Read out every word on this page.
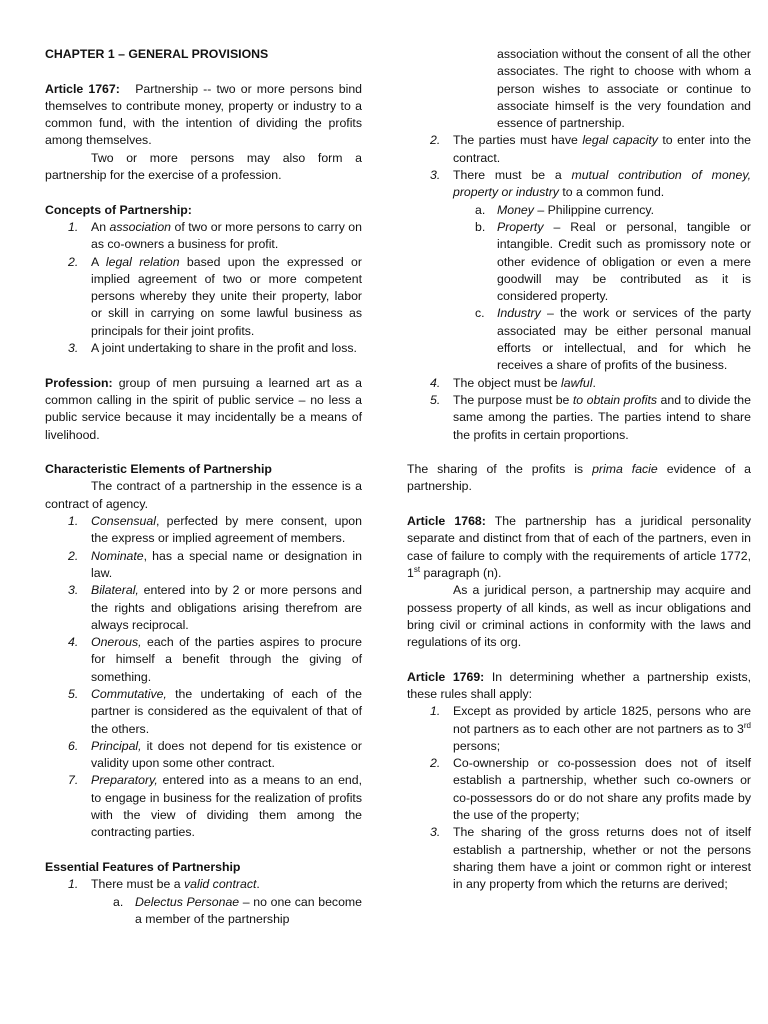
CHAPTER 1 – GENERAL PROVISIONS

Article 1767: Partnership -- two or more persons bind themselves to contribute money, property or industry to a common fund, with the intention of dividing the profits among themselves.

Two or more persons may also form a partnership for the exercise of a profession.

Concepts of Partnership:

1. An association of two or more persons to carry on as co-owners a business for profit.
2. A legal relation based upon the expressed or implied agreement of two or more competent persons whereby they unite their property, labor or skill in carrying on some lawful business as principals for their joint profits.
3. A joint undertaking to share in the profit and loss.

Profession: group of men pursuing a learned art as a common calling in the spirit of public service – no less a public service because it may incidentally be a means of livelihood.

Characteristic Elements of Partnership

The contract of a partnership in the essence is a contract of agency.

1. Consensual, perfected by mere consent, upon the express or implied agreement of members.
2. Nominate, has a special name or designation in law.
3. Bilateral, entered into by 2 or more persons and the rights and obligations arising therefrom are always reciprocal.
4. Onerous, each of the parties aspires to procure for himself a benefit through the giving of something.
5. Commutative, the undertaking of each of the partner is considered as the equivalent of that of the others.
6. Principal, it does not depend for tis existence or validity upon some other contract.
7. Preparatory, entered into as a means to an end, to engage in business for the realization of profits with the view of dividing them among the contracting parties.

Essential Features of Partnership

1. There must be a valid contract.
a. Delectus Personae – no one can become a member of the partnership
association without the consent of all the other associates. The right to choose with whom a person wishes to associate or continue to associate himself is the very foundation and essence of partnership.
2. The parties must have legal capacity to enter into the contract.
3. There must be a mutual contribution of money, property or industry to a common fund.
a. Money – Philippine currency.
b. Property – Real or personal, tangible or intangible. Credit such as promissory note or other evidence of obligation or even a mere goodwill may be contributed as it is considered property.
c. Industry – the work or services of the party associated may be either personal manual efforts or intellectual, and for which he receives a share of profits of the business.
4. The object must be lawful.
5. The purpose must be to obtain profits and to divide the same among the parties. The parties intend to share the profits in certain proportions.

The sharing of the profits is prima facie evidence of a partnership.

Article 1768: The partnership has a juridical personality separate and distinct from that of each of the partners, even in case of failure to comply with the requirements of article 1772, 1st paragraph (n).

As a juridical person, a partnership may acquire and possess property of all kinds, as well as incur obligations and bring civil or criminal actions in conformity with the laws and regulations of its org.

Article 1769: In determining whether a partnership exists, these rules shall apply:

1. Except as provided by article 1825, persons who are not partners as to each other are not partners as to 3rd persons;
2. Co-ownership or co-possession does not of itself establish a partnership, whether such co-owners or co-possessors do or do not share any profits made by the use of the property;
3. The sharing of the gross returns does not of itself establish a partnership, whether or not the persons sharing them have a joint or common right or interest in any property from which the returns are derived;
